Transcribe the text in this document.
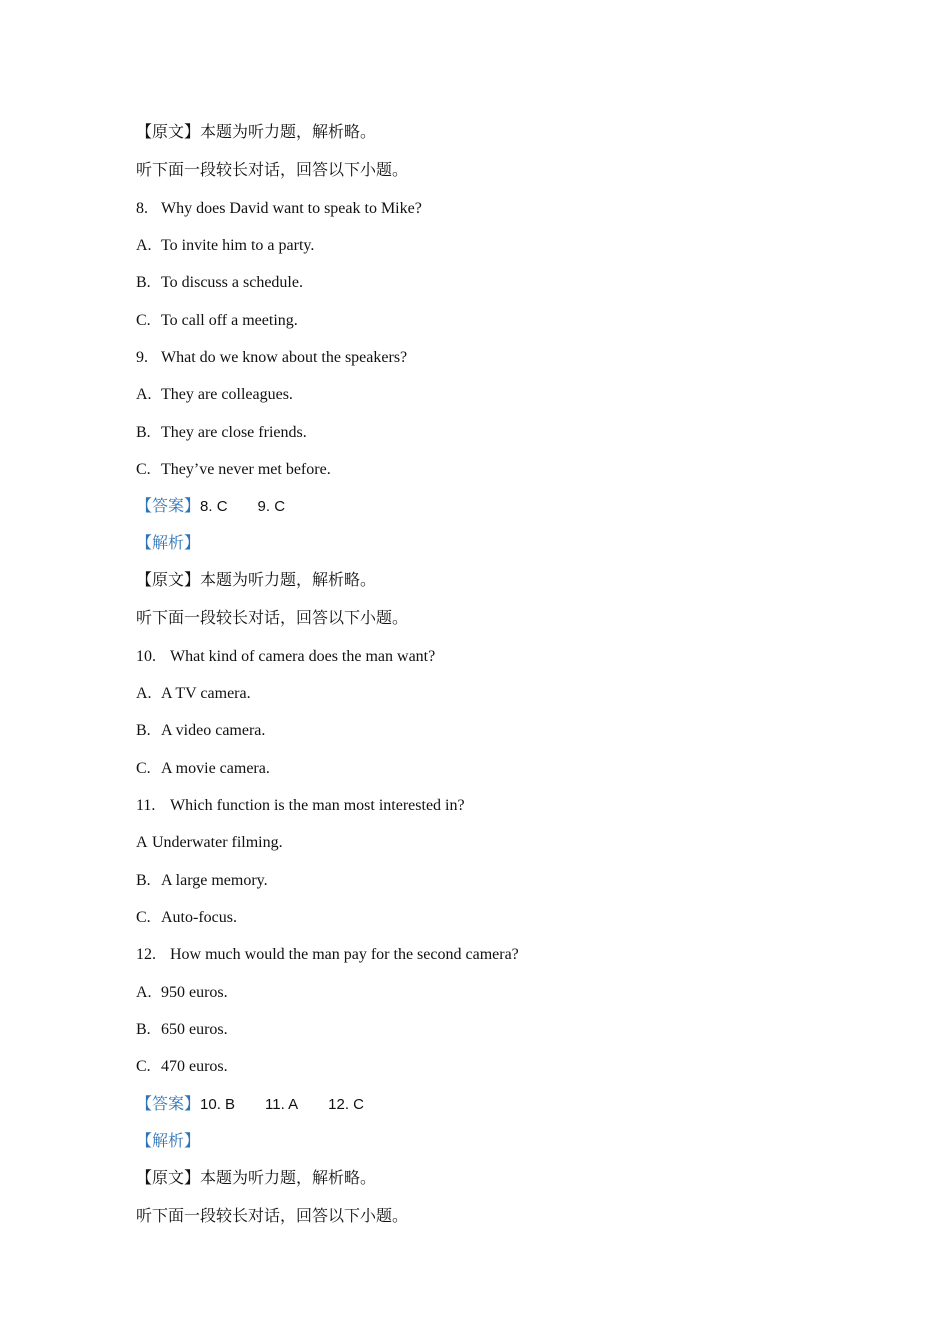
【原文】本题为听力题，解析略。
听下面一段较长对话，回答以下小题。
8. Why does David want to speak to Mike?
A. To invite him to a party.
B. To discuss a schedule.
C. To call off a meeting.
9. What do we know about the speakers?
A. They are colleagues.
B. They are close friends.
C. They’ve never met before.
【答案】8. C 9. C
【解析】
【原文】本题为听力题，解析略。
听下面一段较长对话，回答以下小题。
10. What kind of camera does the man want?
A. A TV camera.
B. A video camera.
C. A movie camera.
11. Which function is the man most interested in?
A Underwater filming.
B. A large memory.
C. Auto-focus.
12. How much would the man pay for the second camera?
A. 950 euros.
B. 650 euros.
C. 470 euros.
【答案】10. B 11. A 12. C
【解析】
【原文】本题为听力题，解析略。
听下面一段较长对话，回答以下小题。
